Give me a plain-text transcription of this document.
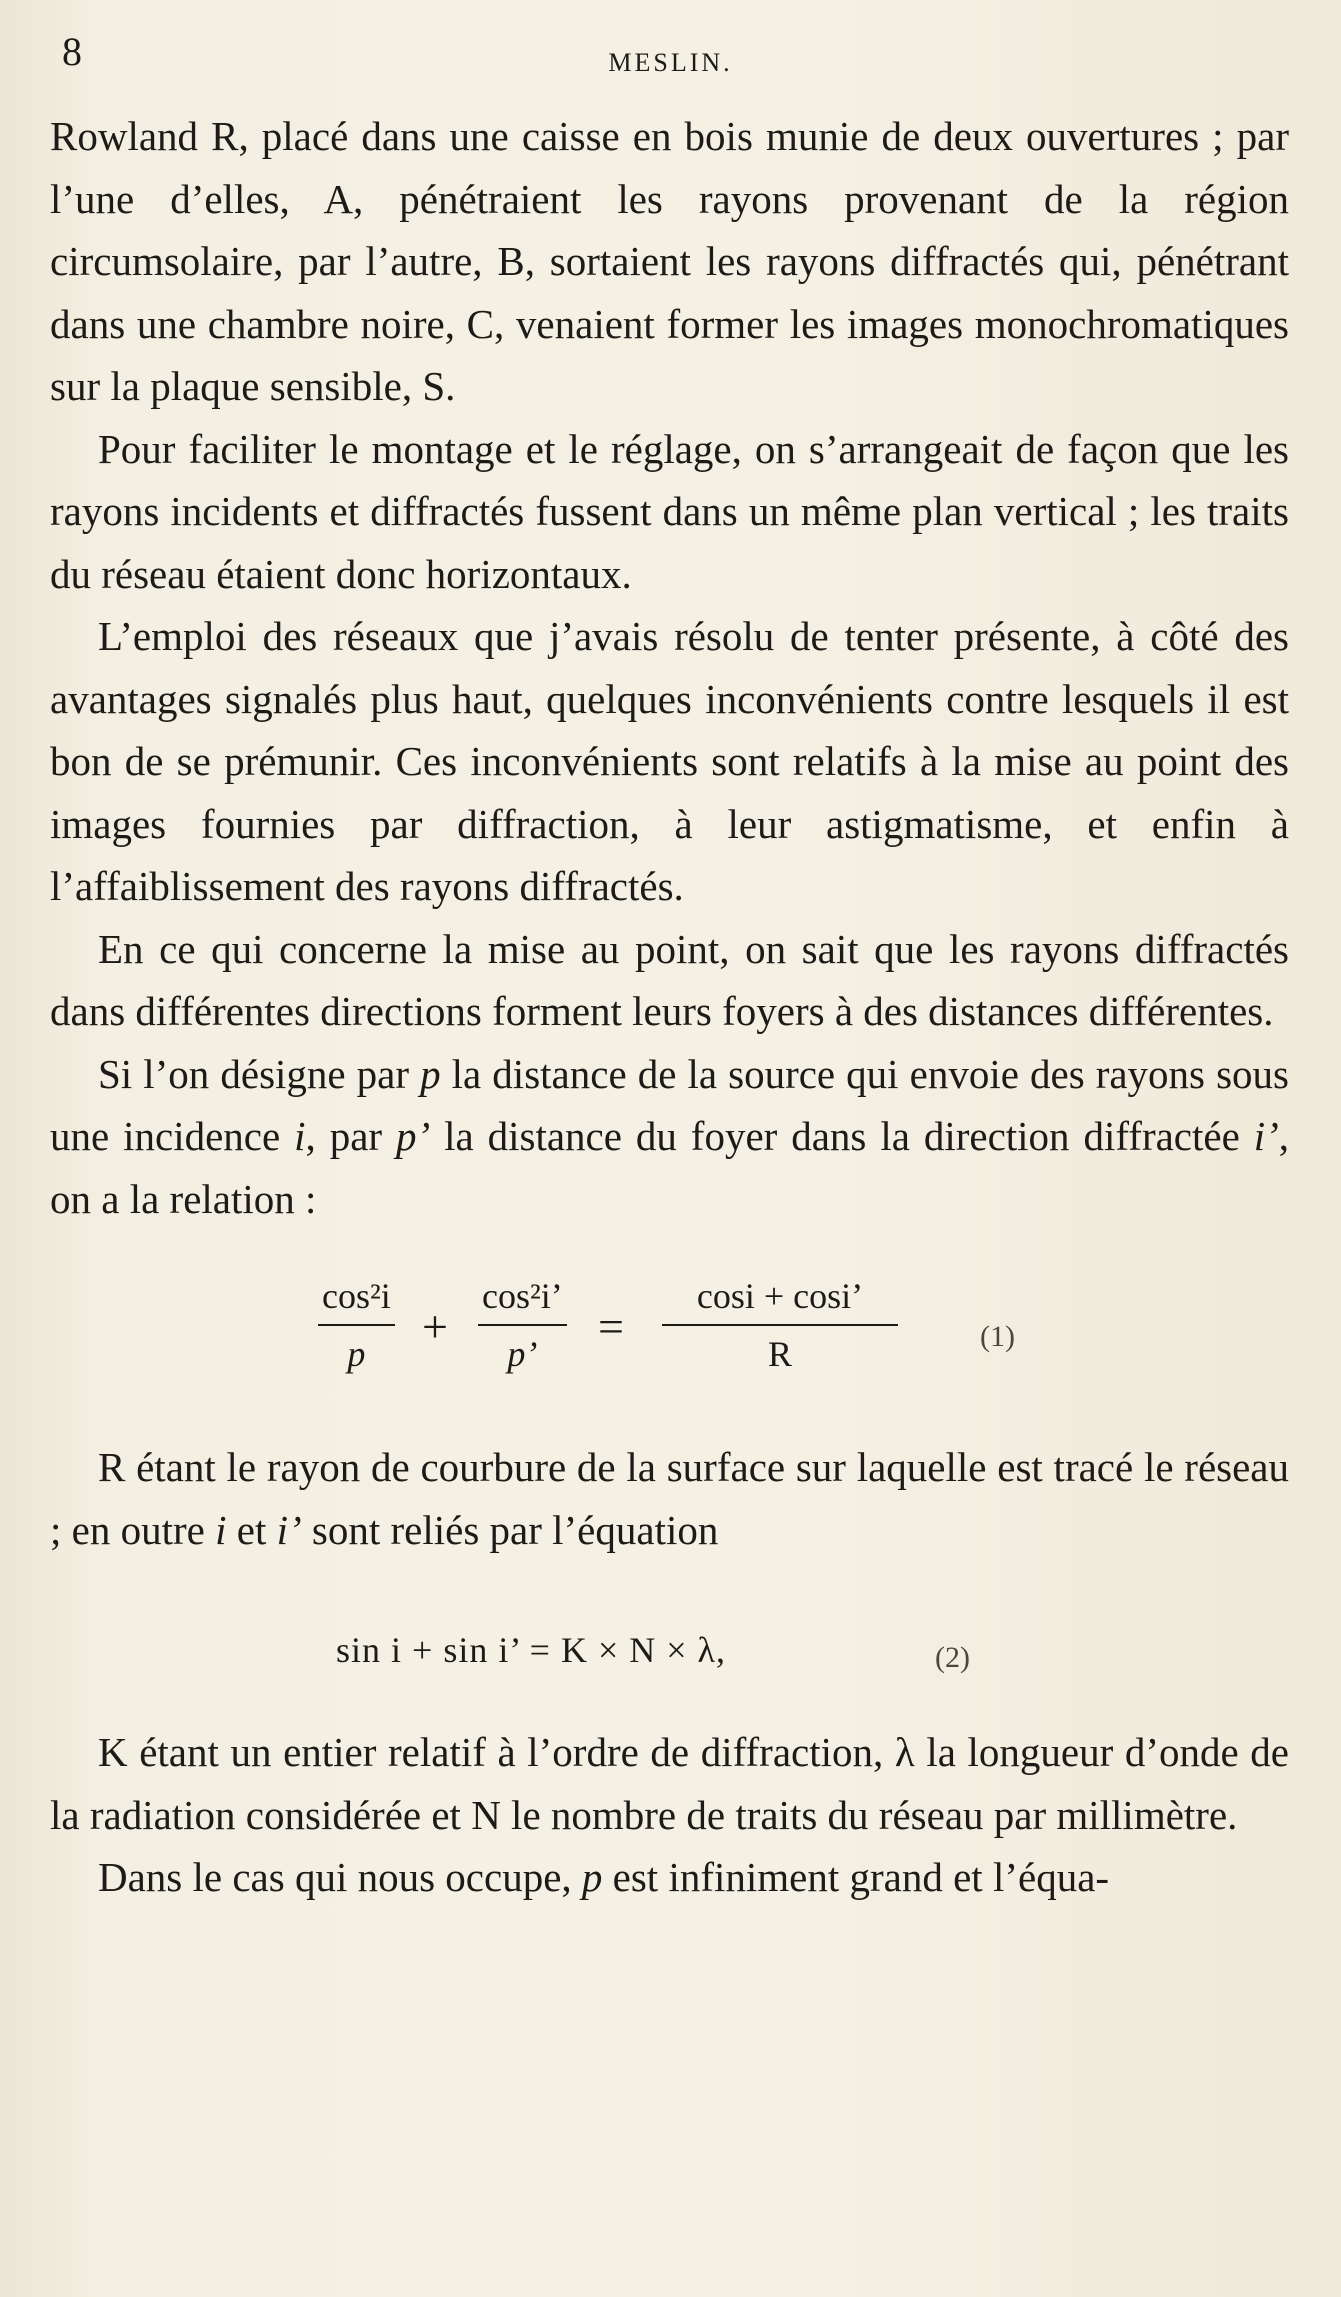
8	MESLIN.

Rowland R, placé dans une caisse en bois munie de deux ouvertures ; par l’une d’elles, A, pénétraient les rayons provenant de la région circumsolaire, par l’autre, B, sortaient les rayons diffractés qui, pénétrant dans une chambre noire, C, venaient former les images monochromatiques sur la plaque sensible, S.

Pour faciliter le montage et le réglage, on s’arrangeait de façon que les rayons incidents et diffractés fussent dans un même plan vertical ; les traits du réseau étaient donc horizontaux.

L’emploi des réseaux que j’avais résolu de tenter présente, à côté des avantages signalés plus haut, quelques inconvénients contre lesquels il est bon de se prémunir. Ces inconvénients sont relatifs à la mise au point des images fournies par diffraction, à leur astigmatisme, et enfin à l’affaiblissement des rayons diffractés.

En ce qui concerne la mise au point, on sait que les rayons diffractés dans différentes directions forment leurs foyers à des distances différentes.

Si l’on désigne par p la distance de la source qui envoie des rayons sous une incidence i, par p’ la distance du foyer dans la direction diffractée i’, on a la relation :

cos²i
p
+
cos²i’
p’
=
cosi + cosi’
R	(1)

R étant le rayon de courbure de la surface sur laquelle est tracé le réseau ; en outre i et i’ sont reliés par l’équation

sin i + sin i’ = K × N × λ,	(2)

K étant un entier relatif à l’ordre de diffraction, λ la longueur d’onde de la radiation considérée et N le nombre de traits du réseau par millimètre.

Dans le cas qui nous occupe, p est infiniment grand et l’équa-
